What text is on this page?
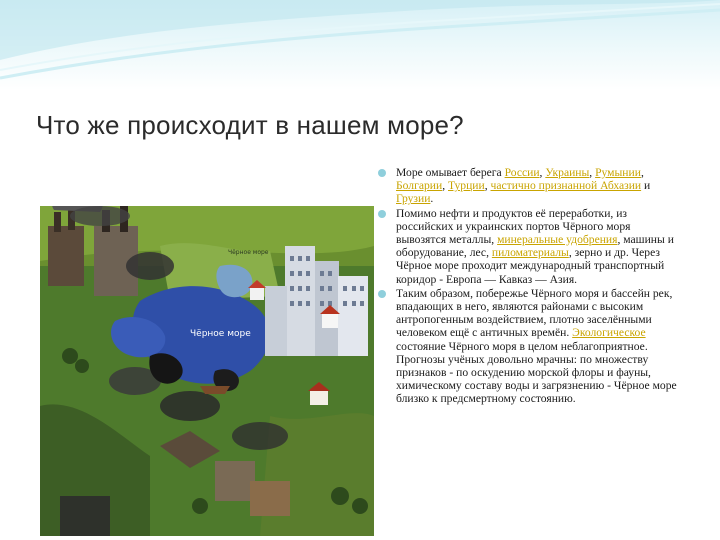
Что же происходит в нашем море?
Чёрное море
Чёрное море
Море омывает берега России, Украины, Румынии, Болгарии, Турции, частично признанной Абхазии и Грузии.
Помимо нефти и продуктов её переработки, из российских и украинских портов Чёрного моря вывозятся металлы, минеральные удобрения, машины и оборудование, лес, пиломатериалы, зерно и др. Через Чёрное море проходит международный транспортный коридор - Европа — Кавказ — Азия.
Таким образом, побережье Чёрного моря и бассейн рек, впадающих в него, являются районами с высоким антропогенным воздействием, плотно заселёнными человеком ещё с античных времён. Экологическое состояние Чёрного моря в целом неблагоприятное. Прогнозы учёных довольно мрачны: по множеству признаков - по оскудению морской флоры и фауны, химическому составу воды и загрязнению - Чёрное море близко к предсмертному состоянию.
